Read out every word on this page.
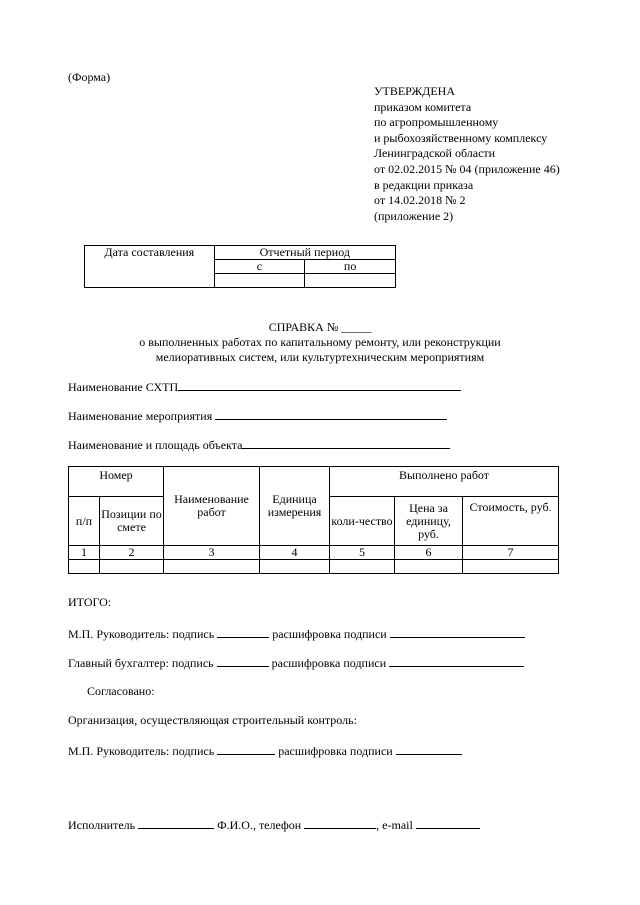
(Форма)
УТВЕРЖДЕНА
приказом комитета
по агропромышленному
и рыбохозяйственному комплексу
Ленинградской области
от 02.02.2015 № 04 (приложение 46)
в редакции приказа
от 14.02.2018 № 2
(приложение 2)
Дата составления	Отчетный период	
	с	по

СПРАВКА № _____
о выполненных работах по капитальному ремонту, или реконструкции
мелиоративных систем, или культуртехническим мероприятиям
Наименование СХТП
Наименование мероприятия
Наименование и площадь объекта
Номер		Наименование работ	Единица измерения	Выполнено работ		
п/п	Позиции по смете			коли-чество	Цена за единицу, руб.	Стоимость, руб.
1	2	3	4	5	6	7

ИТОГО:
М.П. Руководитель: подпись	расшифровка подписи
Главный бухгалтер: подпись	расшифровка подписи
Согласовано:
Организация, осуществляющая строительный контроль:
М.П. Руководитель: подпись	расшифровка подписи
Исполнитель	Ф.И.О., телефон	, e-mail
